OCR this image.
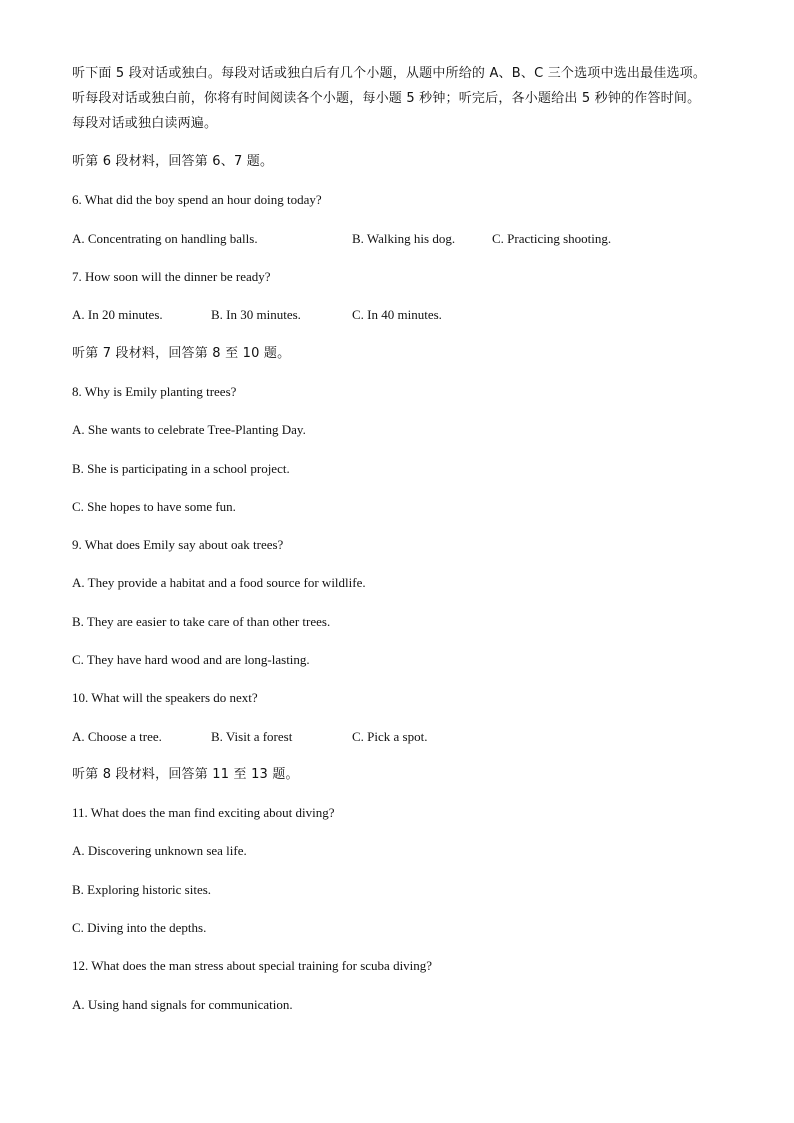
听下面 5 段对话或独白。每段对话或独白后有几个小题，从题中所给的 A、B、C 三个选项中选出最佳选项。
听每段对话或独白前，你将有时间阅读各个小题，每小题 5 秒钟；听完后，各小题给出 5 秒钟的作答时间。
每段对话或独白读两遍。
听第 6 段材料，回答第 6、7 题。
6. What did the boy spend an hour doing today?
A. Concentrating on handling balls.	B. Walking his dog.	C. Practicing shooting.
7. How soon will the dinner be ready?
A. In 20 minutes.	B. In 30 minutes.	C. In 40 minutes.
听第 7 段材料，回答第 8 至 10 题。
8. Why is Emily planting trees?
A. She wants to celebrate Tree-Planting Day.
B. She is participating in a school project.
C. She hopes to have some fun.
9. What does Emily say about oak trees?
A. They provide a habitat and a food source for wildlife.
B. They are easier to take care of than other trees.
C. They have hard wood and are long-lasting.
10. What will the speakers do next?
A. Choose a tree.	B. Visit a forest	C. Pick a spot.
听第 8 段材料，回答第 11 至 13 题。
11. What does the man find exciting about diving?
A. Discovering unknown sea life.
B. Exploring historic sites.
C. Diving into the depths.
12. What does the man stress about special training for scuba diving?
A. Using hand signals for communication.
